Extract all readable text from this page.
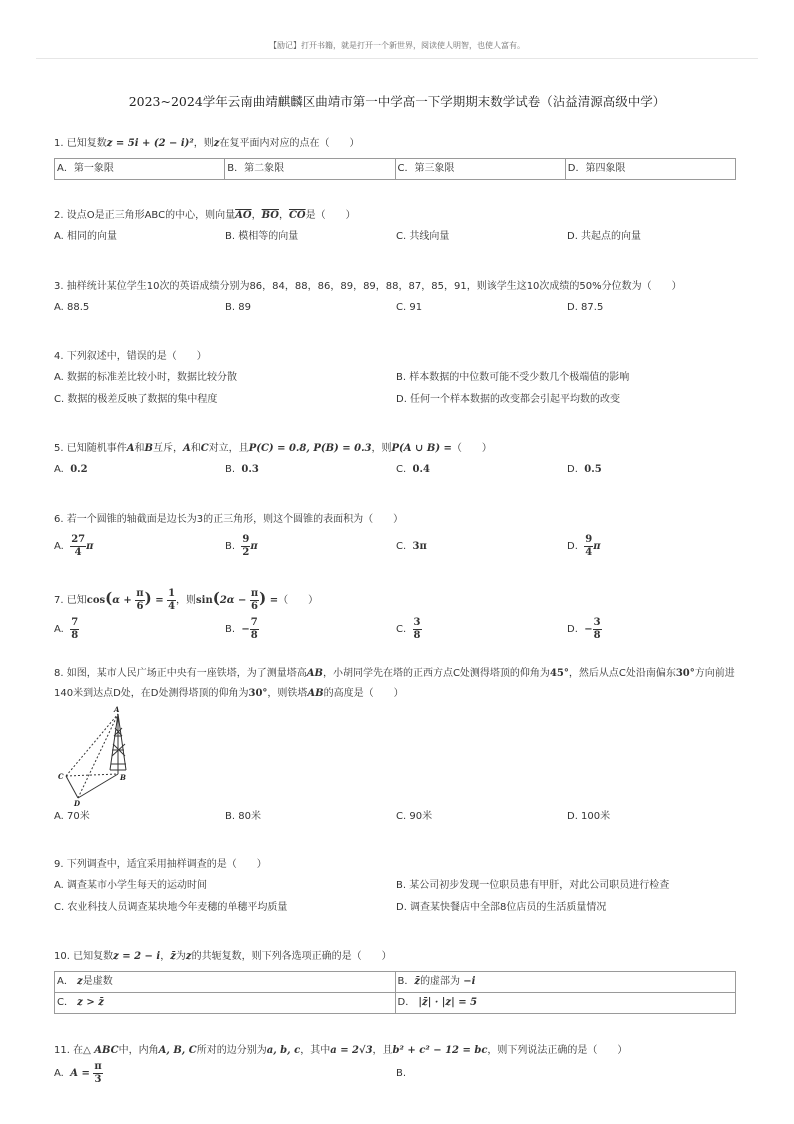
【励记】打开书籍，就是打开一个新世界，阅读使人明智，也使人富有。
2023~2024学年云南曲靖麒麟区曲靖市第一中学高一下学期期末数学试卷（沾益清源高级中学）
1. 已知复数z = 5i + (2 − i)²，则z在复平面内对应的点在（　　）
A．第一象限	B．第二象限	C．第三象限	D．第四象限
2. 设点O是正三角形ABC的中心，则向量$\overline{AO}$，$\overline{BO}$，$\overline{CO}$是（　　）
A. 相同的向量	B. 模相等的向量	C. 共线向量	D. 共起点的向量
3. 抽样统计某位学生10次的英语成绩分别为86，84，88，86，89，89，88，87，85，91，则该学生这10次成绩的50%分位数为（　　）
A. 88.5	B. 89	C. 91	D. 87.5
4. 下列叙述中，错误的是（　　）
A. 数据的标准差比较小时，数据比较分散	B. 样本数据的中位数可能不受少数几个极端值的影响
C. 数据的极差反映了数据的集中程度	D. 任何一个样本数据的改变都会引起平均数的改变
5. 已知随机事件A和B互斥，A和C对立，且P(C) = 0.8, P(B) = 0.3，则P(A ∪ B) =（　　）
A. 0.2	B. 0.3	C. 0.4	D. 0.5
6. 若一个圆锥的轴截面是边长为3的正三角形，则这个圆锥的表面积为（　　）
A. $\frac{27}{4}$ π	B. $\frac{9}{2}$ π	C. 3π	D. $\frac{9}{4}$ π
7. 已知$\cos(\alpha + \frac{\pi}{6}$ ) = $\frac{1}{4}$ ，则$\sin(2\alpha - \frac{\pi}{6}$ ) =（　　）
A. $\frac{7}{8}$	B. − $\frac{7}{8}$	C. $\frac{3}{8}$	D. − $\frac{3}{8}$
8. 如图，某市人民广场正中央有一座铁塔，为了测量塔高AB，小胡同学先在塔的正西方点C处测得塔顶的仰角为45°，然后从点C处沿南偏东30°方向前进140米到达点D处，在D处测得塔顶的仰角为30°，则铁塔AB的高度是（　　）
A
B
C
D
A. 70米	B. 80米	C. 90米	D. 100米
9. 下列调查中，适宜采用抽样调查的是（　　）
A. 调查某市小学生每天的运动时间	B. 某公司初步发现一位职员患有甲肝，对此公司职员进行检查
C. 农业科技人员调查某块地今年麦穗的单穗平均质量	D. 调查某快餐店中全部8位店员的生活质量情况
10. 已知复数z = 2 − i，z̄为z的共轭复数，则下列各选项正确的是（　　）
A． z是虚数	B．z̄的虚部为 −i
C． z > z̄	D． |z̄| · |z| = 5
11. 在△ ABC中，内角A, B, C所对的边分别为a, b, c，其中a = 2√3，且b² + c² − 12 = bc，则下列说法正确的是（　　）
A. $A = \frac{\pi}{3}$	B.
